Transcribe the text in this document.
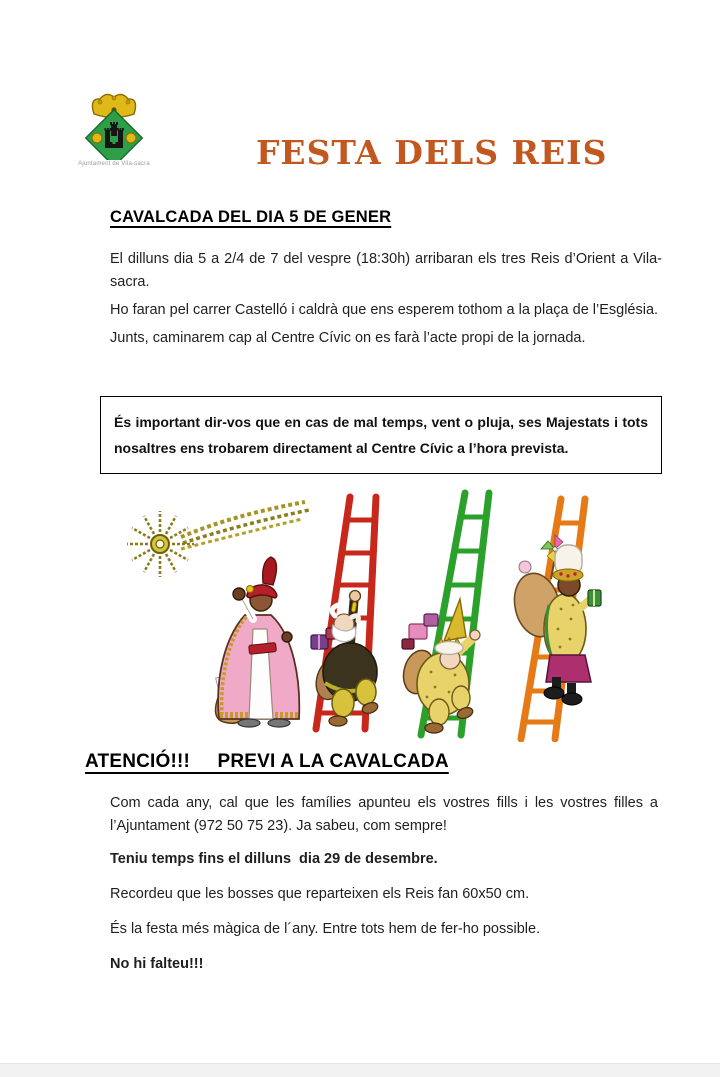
Ajuntament de Vila-sacra	FESTA DELS REIS
CAVALCADA DEL DIA 5 DE GENER

El dilluns dia 5 a 2/4 de 7 del vespre (18:30h) arribaran els tres Reis d’Orient a Vila-sacra.

Ho faran pel carrer Castelló i caldrà que ens esperem tothom a la plaça de l’Església.

Junts, caminarem cap al Centre Cívic on es farà l’acte propi de la jornada.

És important dir-vos que en cas de mal temps, vent o pluja, ses Majestats i tots nosaltres ens trobarem directament al Centre Cívic a l’hora prevista.
ATENCIÓ!!!     PREVI A LA CAVALCADA

Com cada any, cal que les famílies apunteu els vostres fills i les vostres filles a l’Ajuntament (972 50 75 23). Ja sabeu, com sempre!

Teniu temps fins el dilluns  dia 29 de desembre.

Recordeu que les bosses que reparteixen els Reis fan 60x50 cm.

És la festa més màgica de l´any. Entre tots hem de fer-ho possible.

No hi falteu!!!
